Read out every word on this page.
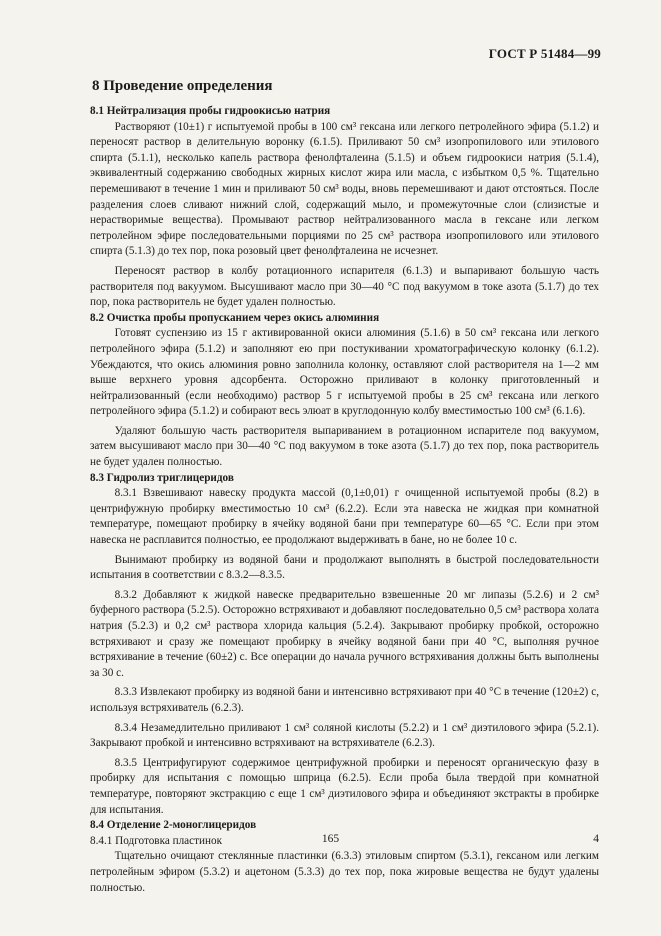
ГОСТ Р 51484—99
8 Проведение определения
8.1 Нейтрализация пробы гидроокисью натрия

Растворяют (10±1) г испытуемой пробы в 100 см³ гексана или легкого петролейного эфира (5.1.2) и переносят раствор в делительную воронку (6.1.5). Приливают 50 см³ изопропилового или этилового спирта (5.1.1), несколько капель раствора фенолфталеина (5.1.5) и объем гидроокиси натрия (5.1.4), эквивалентный содержанию свободных жирных кислот жира или масла, с избытком 0,5 %. Тщательно перемешивают в течение 1 мин и приливают 50 см³ воды, вновь перемешивают и дают отстояться. После разделения слоев сливают нижний слой, содержащий мыло, и промежуточные слои (слизистые и нерастворимые вещества). Промывают раствор нейтрализованного масла в гексане или легком петролейном эфире последовательными порциями по 25 см³ раствора изопропилового или этилового спирта (5.1.3) до тех пор, пока розовый цвет фенолфталеина не исчезнет.

Переносят раствор в колбу ротационного испарителя (6.1.3) и выпаривают большую часть растворителя под вакуумом. Высушивают масло при 30—40 °С под вакуумом в токе азота (5.1.7) до тех пор, пока растворитель не будет удален полностью.

8.2 Очистка пробы пропусканием через окись алюминия

Готовят суспензию из 15 г активированной окиси алюминия (5.1.6) в 50 см³ гексана или легкого петролейного эфира (5.1.2) и заполняют ею при постукивании хроматографическую колонку (6.1.2). Убеждаются, что окись алюминия ровно заполнила колонку, оставляют слой растворителя на 1—2 мм выше верхнего уровня адсорбента. Осторожно приливают в колонку приготовленный и нейтрализованный (если необходимо) раствор 5 г испытуемой пробы в 25 см³ гексана или легкого петролейного эфира (5.1.2) и собирают весь элюат в круглодонную колбу вместимостью 100 см³ (6.1.6).

Удаляют большую часть растворителя выпариванием в ротационном испарителе под вакуумом, затем высушивают масло при 30—40 °С под вакуумом в токе азота (5.1.7) до тех пор, пока растворитель не будет удален полностью.

8.3 Гидролиз триглицеридов

8.3.1 Взвешивают навеску продукта массой (0,1±0,01) г очищенной испытуемой пробы (8.2) в центрифужную пробирку вместимостью 10 см³ (6.2.2). Если эта навеска не жидкая при комнатной температуре, помещают пробирку в ячейку водяной бани при температуре 60—65 °С. Если при этом навеска не расплавится полностью, ее продолжают выдерживать в бане, но не более 10 с.

Вынимают пробирку из водяной бани и продолжают выполнять в быстрой последовательности испытания в соответствии с 8.3.2—8.3.5.

8.3.2 Добавляют к жидкой навеске предварительно взвешенные 20 мг липазы (5.2.6) и 2 см³ буферного раствора (5.2.5). Осторожно встряхивают и добавляют последовательно 0,5 см³ раствора холата натрия (5.2.3) и 0,2 см³ раствора хлорида кальция (5.2.4). Закрывают пробирку пробкой, осторожно встряхивают и сразу же помещают пробирку в ячейку водяной бани при 40 °С, выполняя ручное встряхивание в течение (60±2) с. Все операции до начала ручного встряхивания должны быть выполнены за 30 с.

8.3.3 Извлекают пробирку из водяной бани и интенсивно встряхивают при 40 °С в течение (120±2) с, используя встряхиватель (6.2.3).

8.3.4 Незамедлительно приливают 1 см³ соляной кислоты (5.2.2) и 1 см³ диэтилового эфира (5.2.1). Закрывают пробкой и интенсивно встряхивают на встряхивателе (6.2.3).

8.3.5 Центрифугируют содержимое центрифужной пробирки и переносят органическую фазу в пробирку для испытания с помощью шприца (6.2.5). Если проба была твердой при комнатной температуре, повторяют экстракцию с еще 1 см³ диэтилового эфира и объединяют экстракты в пробирке для испытания.

8.4 Отделение 2-моноглицеридов
8.4.1 Подготовка пластинок

Тщательно очищают стеклянные пластинки (6.3.3) этиловым спиртом (5.3.1), гексаном или легким петролейным эфиром (5.3.2) и ацетоном (5.3.3) до тех пор, пока жировые вещества не будут удалены полностью.

165	4
